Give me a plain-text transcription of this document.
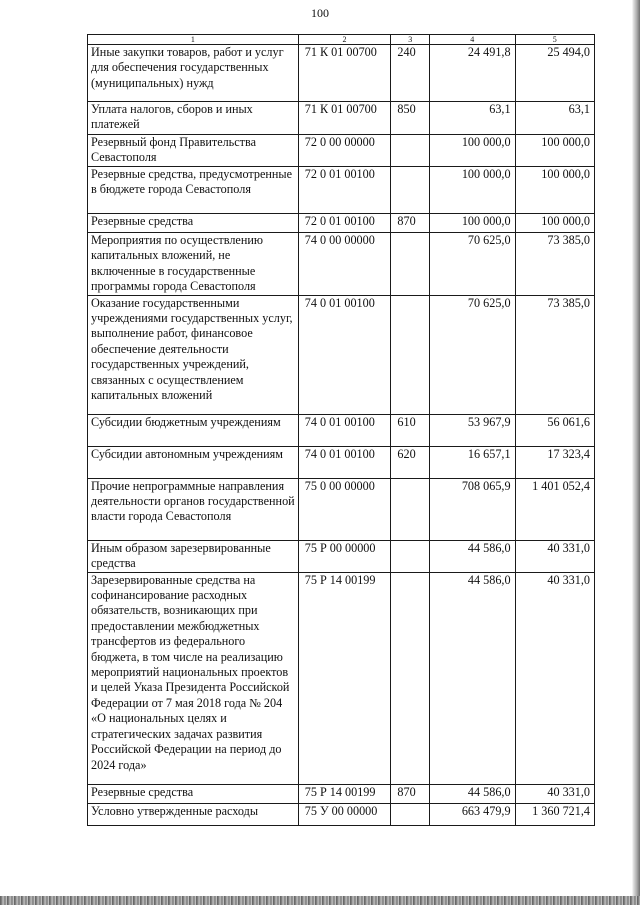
100
1	2	3	4	5
Иные закупки товаров, работ и услуг для обеспечения государственных (муниципальных) нужд	71 К 01 00700	240	24 491,8	25 494,0
Уплата налогов, сборов и иных платежей	71 К 01 00700	850	63,1	63,1
Резервный фонд Правительства Севастополя	72 0 00 00000		100 000,0	100 000,0
Резервные средства, предусмотренные в бюджете города Севастополя	72 0 01 00100		100 000,0	100 000,0
Резервные средства	72 0 01 00100	870	100 000,0	100 000,0
Мероприятия по осуществлению капитальных вложений, не включенные в государственные программы города Севастополя	74 0 00 00000		70 625,0	73 385,0
Оказание государственными учреждениями государственных услуг, выполнение работ, финансовое обеспечение деятельности государственных учреждений, связанных с осуществлением капитальных вложений	74 0 01 00100		70 625,0	73 385,0
Субсидии бюджетным учреждениям	74 0 01 00100	610	53 967,9	56 061,6
Субсидии автономным учреждениям	74 0 01 00100	620	16 657,1	17 323,4
Прочие непрограммные направления деятельности органов государственной власти города Севастополя	75 0 00 00000		708 065,9	1 401 052,4
Иным образом зарезервированные средства	75 Р 00 00000		44 586,0	40 331,0
Зарезервированные средства на софинансирование расходных обязательств, возникающих при предоставлении межбюджетных трансфертов из федерального бюджета, в том числе на реализацию мероприятий национальных проектов и целей Указа Президента Российской Федерации от 7 мая 2018 года № 204 «О национальных целях и стратегических задачах развития Российской Федерации на период до 2024 года»	75 Р 14 00199		44 586,0	40 331,0
Резервные средства	75 Р 14 00199	870	44 586,0	40 331,0
Условно утвержденные расходы	75 У 00 00000		663 479,9	1 360 721,4
